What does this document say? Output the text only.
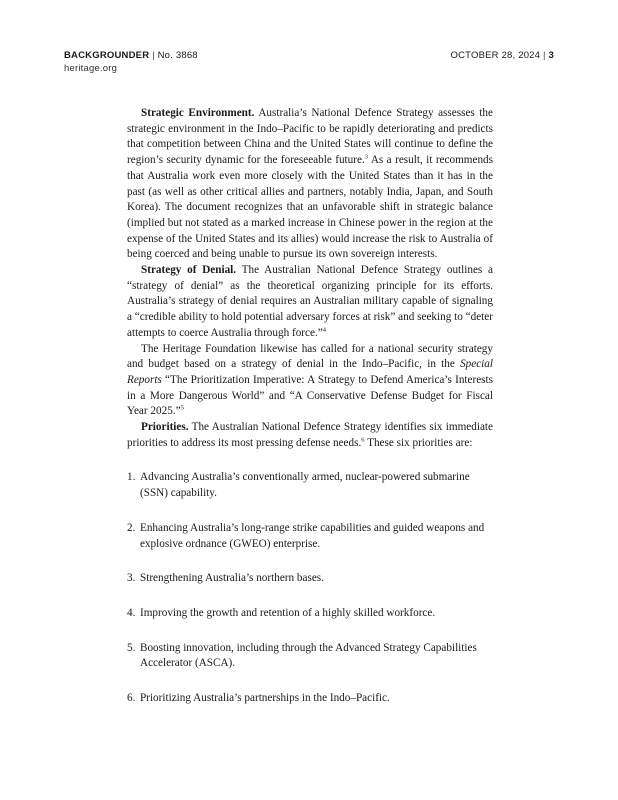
BACKGROUNDER | No. 3868
heritage.org
OCTOBER 28, 2024 | 3

Strategic Environment. Australia’s National Defence Strategy assesses the strategic environment in the Indo–Pacific to be rapidly deteriorating and predicts that competition between China and the United States will continue to define the region’s security dynamic for the foreseeable future.$^3$ As a result, it recommends that Australia work even more closely with the United States than it has in the past (as well as other critical allies and partners, notably India, Japan, and South Korea). The document recognizes that an unfavorable shift in strategic balance (implied but not stated as a marked increase in Chinese power in the region at the expense of the United States and its allies) would increase the risk to Australia of being coerced and being unable to pursue its own sovereign interests.

Strategy of Denial. The Australian National Defence Strategy outlines a “strategy of denial” as the theoretical organizing principle for its efforts. Australia’s strategy of denial requires an Australian military capable of signaling a “credible ability to hold potential adversary forces at risk” and seeking to “deter attempts to coerce Australia through force.”$^4$

The Heritage Foundation likewise has called for a national security strategy and budget based on a strategy of denial in the Indo–Pacific, in the Special Reports “The Prioritization Imperative: A Strategy to Defend America’s Interests in a More Dangerous World” and “A Conservative Defense Budget for Fiscal Year 2025.”$^5$

Priorities. The Australian National Defence Strategy identifies six immediate priorities to address its most pressing defense needs.$^6$ These six priorities are:

1. Advancing Australia’s conventionally armed, nuclear-powered submarine (SSN) capability.
2. Enhancing Australia’s long-range strike capabilities and guided weapons and explosive ordnance (GWEO) enterprise.
3. Strengthening Australia’s northern bases.
4. Improving the growth and retention of a highly skilled workforce.
5. Boosting innovation, including through the Advanced Strategy Capabilities Accelerator (ASCA).
6. Prioritizing Australia’s partnerships in the Indo–Pacific.
